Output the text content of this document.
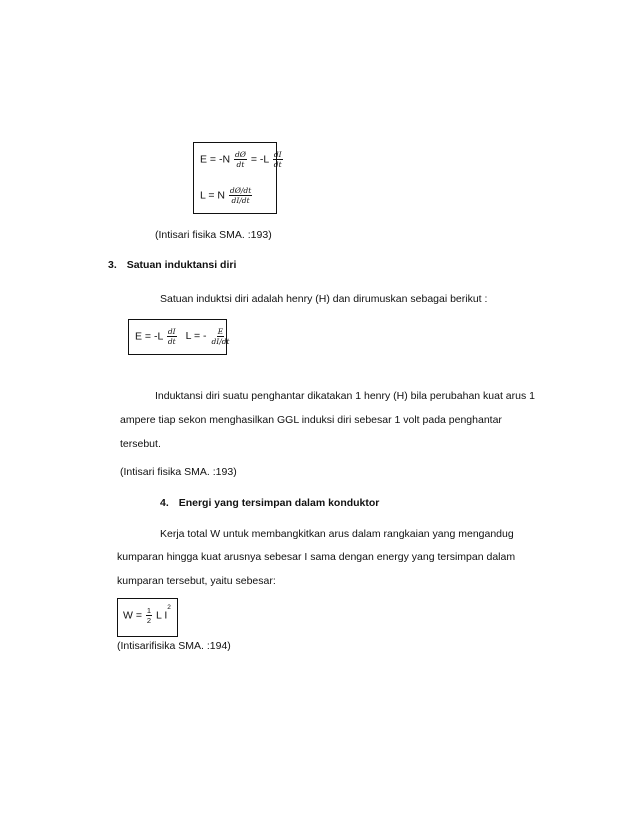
$E = -N \frac{dØ}{dt} = -L \frac{dI}{dt}$
L = N $\frac{dØ/dt}{dI/dt}$
(Intisari fisika SMA. :193)
3. Satuan induktansi diri
Satuan induktsi diri adalah henry (H) dan dirumuskan sebagai berikut :
$E = -L \frac{dI}{dt}$ L = - $\frac{E}{dI/dt}$
Induktansi diri suatu penghantar dikatakan 1 henry (H) bila perubahan kuat arus 1
ampere tiap sekon menghasilkan GGL induksi diri sebesar 1 volt pada penghantar
tersebut.
(Intisari fisika SMA. :193)
4. Energi yang tersimpan dalam konduktor
Kerja total W untuk membangkitkan arus dalam rangkaian yang mengandug
kumparan hingga kuat arusnya sebesar I sama dengan energy yang tersimpan dalam
kumparan tersebut, yaitu sebesar:
$W = \frac{1}{2}$ L $I^2$
(Intisarifisika SMA. :194)
